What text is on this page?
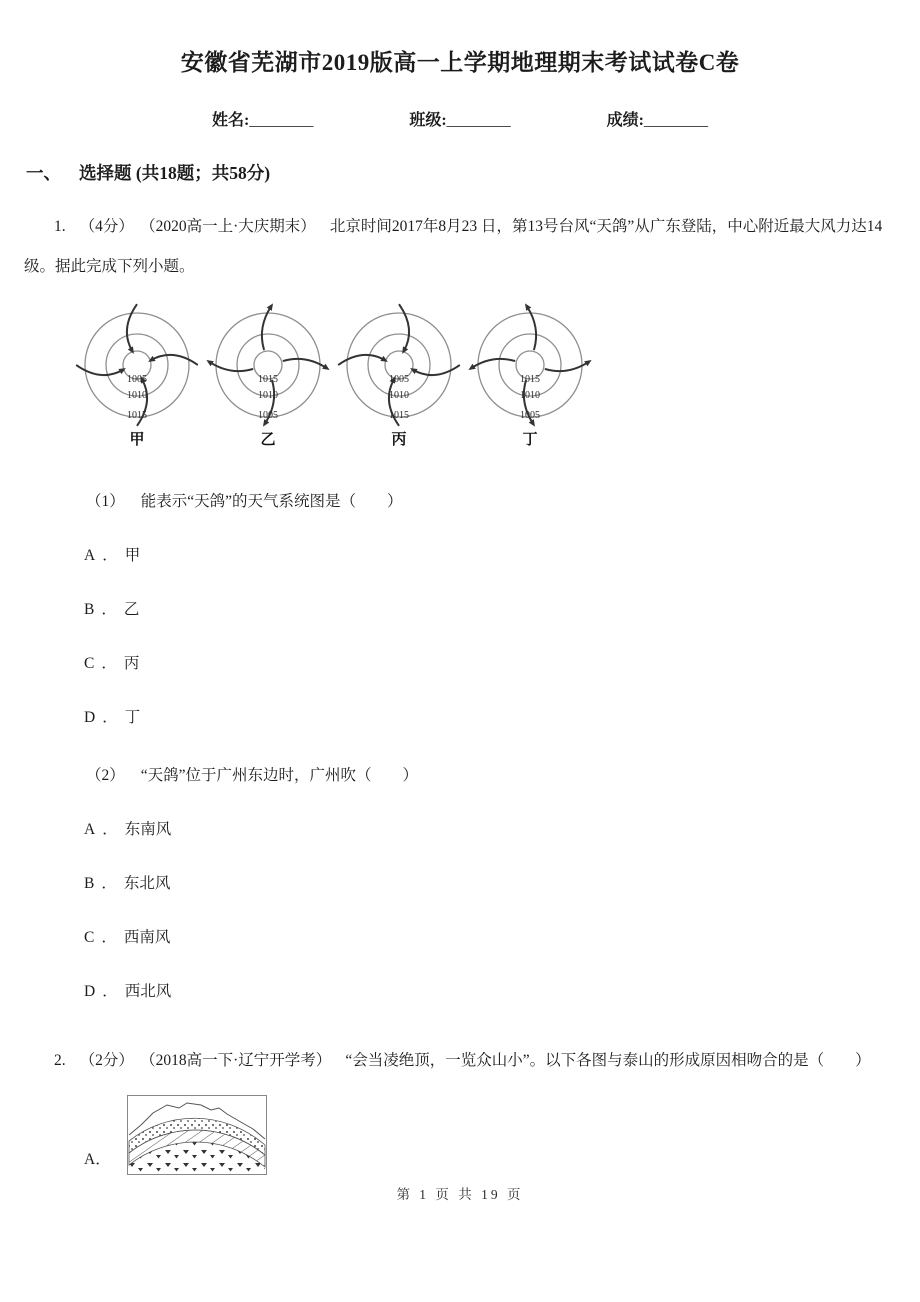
安徽省芜湖市2019版高一上学期地理期末考试试卷C卷
姓名:________	班级:________	成绩:________
一、 选择题 (共18题；共58分)
1. （4分） （2020高一上·大庆期末） 北京时间2017年8月23 日，第13号台风“天鸽”从广东登陆，中心附近最大风力达14级。据此完成下列小题。
1005
1010
1015
甲
1015
1010
1005
乙
1005
1010
1015
丙
1015
1010
1005
丁
（1） 能表示“天鸽”的天气系统图是（　　）
A ． 甲
B ． 乙
C ． 丙
D ． 丁
（2） “天鸽”位于广州东边时，广州吹（　　）
A ． 东南风
B ． 东北风
C ． 西南风
D ． 西北风
2. （2分） （2018高一下·辽宁开学考） “会当凌绝顶，一览众山小”。以下各图与泰山的形成原因相吻合的是（　　）
A．
第 1 页 共 19 页
